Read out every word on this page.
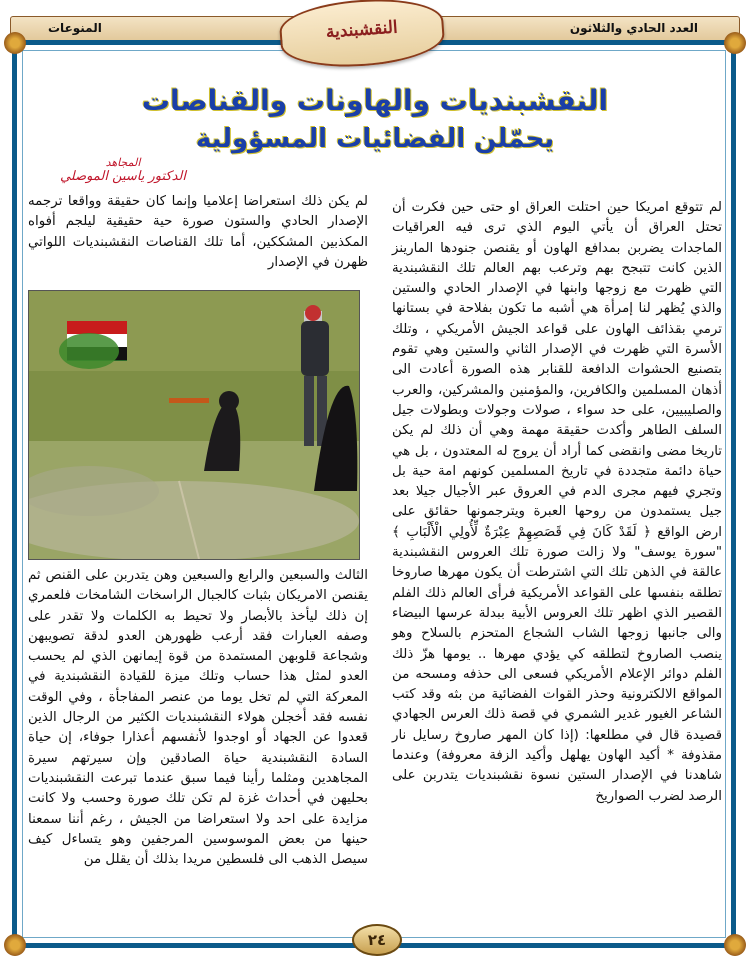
المنوعات	العدد الحادي والثلاثون
النقشبندية
النقشبنديات والهاونات والقناصات
يحمّلن الفضائيات المسؤولية
المجاهد
الدكتور ياسين الموصلي

لم تتوقع امريكا حين احتلت العراق او حتى حين فكرت أن تحتل العراق أن يأتي اليوم الذي ترى فيه العراقيات الماجدات يضربن بمدافع الهاون أو يقنصن جنودها المارينز الذين كانت تتبجح بهم وترعب بهم العالم تلك النقشبندية التي ظهرت مع زوجها وابنها في الإصدار الحادي والستين والذي يُظهر لنا إمرأة هي أشبه ما تكون بفلاحة في بستانها ترمي بقذائف الهاون على قواعد الجيش الأمريكي ، وتلك الأسرة التي ظهرت في الإصدار الثاني والستين وهي تقوم بتصنيع الحشوات الدافعة للقنابر هذه الصورة أعادت الى أذهان المسلمين والكافرين، والمؤمنين والمشركين، والعرب والصليبيين، على حد سواء ، صولات وجولات وبطولات جيل السلف الطاهر وأكدت حقيقة مهمة وهي أن ذلك لم يكن تاريخا مضى وانقضى كما أراد أن يروج له المعتدون ، بل هي حياة دائمة متجددة في تاريخ المسلمين كونهم امة حية بل وتجري فيهم مجرى الدم في العروق عبر الأجيال جيلا بعد جيل يستمدون من روحها العبرة ويترجمونها حقائق على ارض الواقع ﴿ لَقَدْ كَانَ فِي قَصَصِهِمْ عِبْرَةٌ لِّأُولِي الْأَلْبَابِ ﴾ "سورة يوسف" ولا زالت صورة تلك العروس النقشبندية عالقة في الذهن تلك التي اشترطت أن يكون مهرها صاروخا تطلقه بنفسها على القواعد الأمريكية فرأى العالم ذلك الفلم القصير الذي اظهر تلك العروس الأبية ببدلة عرسها البيضاء والى جانبها زوجها الشاب الشجاع المتحزم بالسلاح وهو ينصب الصاروخ لتطلقه كي يؤدي مهرها .. يومها هزّ ذلك الفلم دوائر الإعلام الأمريكي فسعى الى حذفه ومسحه من المواقع الالكترونية وحذر القوات الفضائية من بثه وقد كتب الشاعر الغيور غدير الشمري في قصة ذلك العرس الجهادي قصيدة قال في مطلعها: (إذا كان المهر صاروخ رسايل نار مقذوفة * أكيد الهاون يهلهل وأكيد الزفة معروفة) وعندما شاهدنا في الإصدار الستين نسوة نقشبنديات يتدربن على الرصد لضرب الصواريخ

لم يكن ذلك استعراضا إعلاميا وإنما كان حقيقة وواقعا ترجمه الإصدار الحادي والستون صورة حية حقيقية ليلجم أفواه المكذبين المشككين، أما تلك القناصات النقشبنديات اللواتي ظهرن في الإصدار

الثالث والسبعين والرابع والسبعين وهن يتدربن على القنص ثم يقنصن الامريكان بثبات كالجبال الراسخات الشامخات فلعمري إن ذلك ليأخذ بالأبصار ولا تحيط به الكلمات ولا تقدر على وصفه العبارات فقد أرعب ظهورهن العدو لدقة تصويبهن وشجاعة قلوبهن المستمدة من قوة إيمانهن الذي لم يحسب العدو لمثل هذا حساب وتلك ميزة للقيادة النقشبندية في المعركة التي لم تخل يوما من عنصر المفاجأة ، وفي الوقت نفسه فقد أخجلن هولاء النقشبنديات الكثير من الرجال الذين قعدوا عن الجهاد أو اوجدوا لأنفسهم أعذارا جوفاء، إن حياة السادة النقشبندية حياة الصادقين وإن سيرتهم سيرة المجاهدين ومثلما رأينا فيما سبق عندما تبرعت النقشبنديات بحليهن في أحداث غزة لم تكن تلك صورة وحسب ولا كانت مزايدة على احد ولا استعراضا من الجيش ، رغم أننا سمعنا حينها من بعض الموسوسين المرجفين وهو يتساءل كيف سيصل الذهب الى فلسطين مريدا بذلك أن يقلل من

٢٤
